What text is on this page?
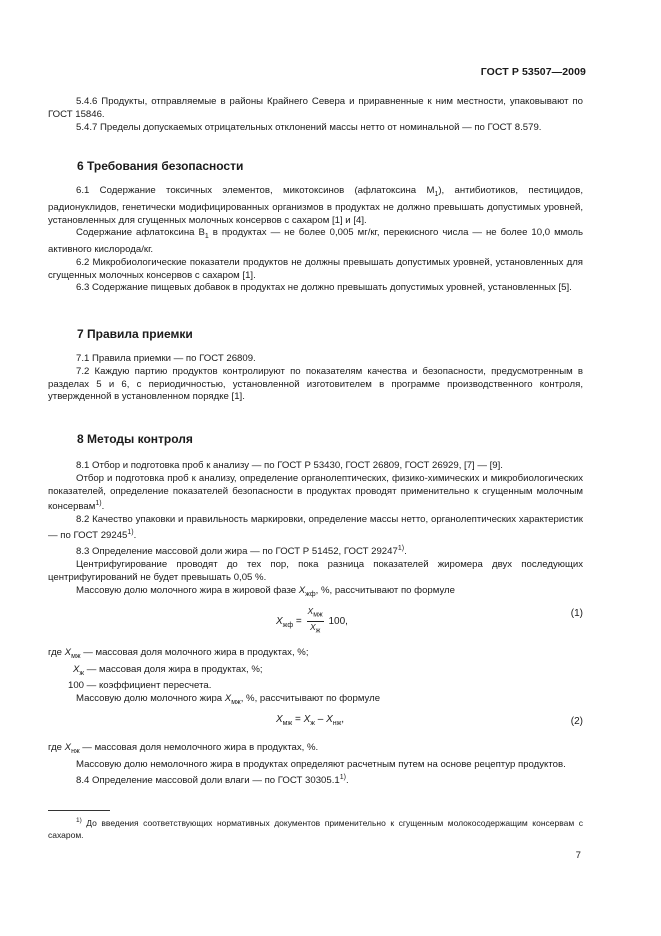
ГОСТ Р 53507—2009

5.4.6 Продукты, отправляемые в районы Крайнего Севера и приравненные к ним местности, упаковывают по ГОСТ 15846.

5.4.7 Пределы допускаемых отрицательных отклонений массы нетто от номинальной — по ГОСТ 8.579.

6 Требования безопасности

6.1 Содержание токсичных элементов, микотоксинов (афлатоксина $М_1$), антибиотиков, пестицидов, радионуклидов, генетически модифицированных организмов в продуктах не должно превышать допустимых уровней, установленных для сгущенных молочных консервов с сахаром [1] и [4].

Содержание афлатоксина $В_1$ в продуктах — не более 0,005 мг/кг, перекисного числа — не более 10,0 ммоль активного кислорода/кг.

6.2 Микробиологические показатели продуктов не должны превышать допустимых уровней, установленных для сгущенных молочных консервов с сахаром [1].

6.3 Содержание пищевых добавок в продуктах не должно превышать допустимых уровней, установленных [5].

7 Правила приемки

7.1 Правила приемки — по ГОСТ 26809.

7.2 Каждую партию продуктов контролируют по показателям качества и безопасности, предусмотренным в разделах 5 и 6, с периодичностью, установленной изготовителем в программе производственного контроля, утвержденной в установленном порядке [1].

8 Методы контроля

8.1 Отбор и подготовка проб к анализу — по ГОСТ Р 53430, ГОСТ 26809, ГОСТ 26929, [7] — [9].

Отбор и подготовка проб к анализу, определение органолептических, физико-химических и микробиологических показателей, определение показателей безопасности в продуктах проводят применительно к сгущенным молочным консервам$^{1)}$.

8.2 Качество упаковки и правильность маркировки, определение массы нетто, органолептических характеристик — по ГОСТ 29245$^{1)}$.

8.3 Определение массовой доли жира — по ГОСТ Р 51452, ГОСТ 29247$^{1)}$.

Центрифугирование проводят до тех пор, пока разница показателей жиромера двух последующих центрифугирований не будет превышать 0,05 %.

Массовую долю молочного жира в жировой фазе $X_{жф}$, %, рассчитывают по формуле

$X_{жф} = \frac{X_{мж}}{X_ж} 100$,
(1)
где $X_{мж}$ — массовая доля молочного жира в продуктах, %;
$X_ж$ — массовая доля жира в продуктах, %;
100 — коэффициент пересчета.
Массовую долю молочного жира $X_{мж}$, %, рассчитывают по формуле
$X_{мж} = X_ж - X_{нж}$,	(2)
где $X_{нж}$ — массовая доля немолочного жира в продуктах, %.

Массовую долю немолочного жира в продуктах определяют расчетным путем на основе рецептур продуктов.

8.4 Определение массовой доли влаги — по ГОСТ 30305.1$^{1)}$.

$^{1)}$ До введения соответствующих нормативных документов применительно к сгущенным молокосодержащим консервам с сахаром.
7
